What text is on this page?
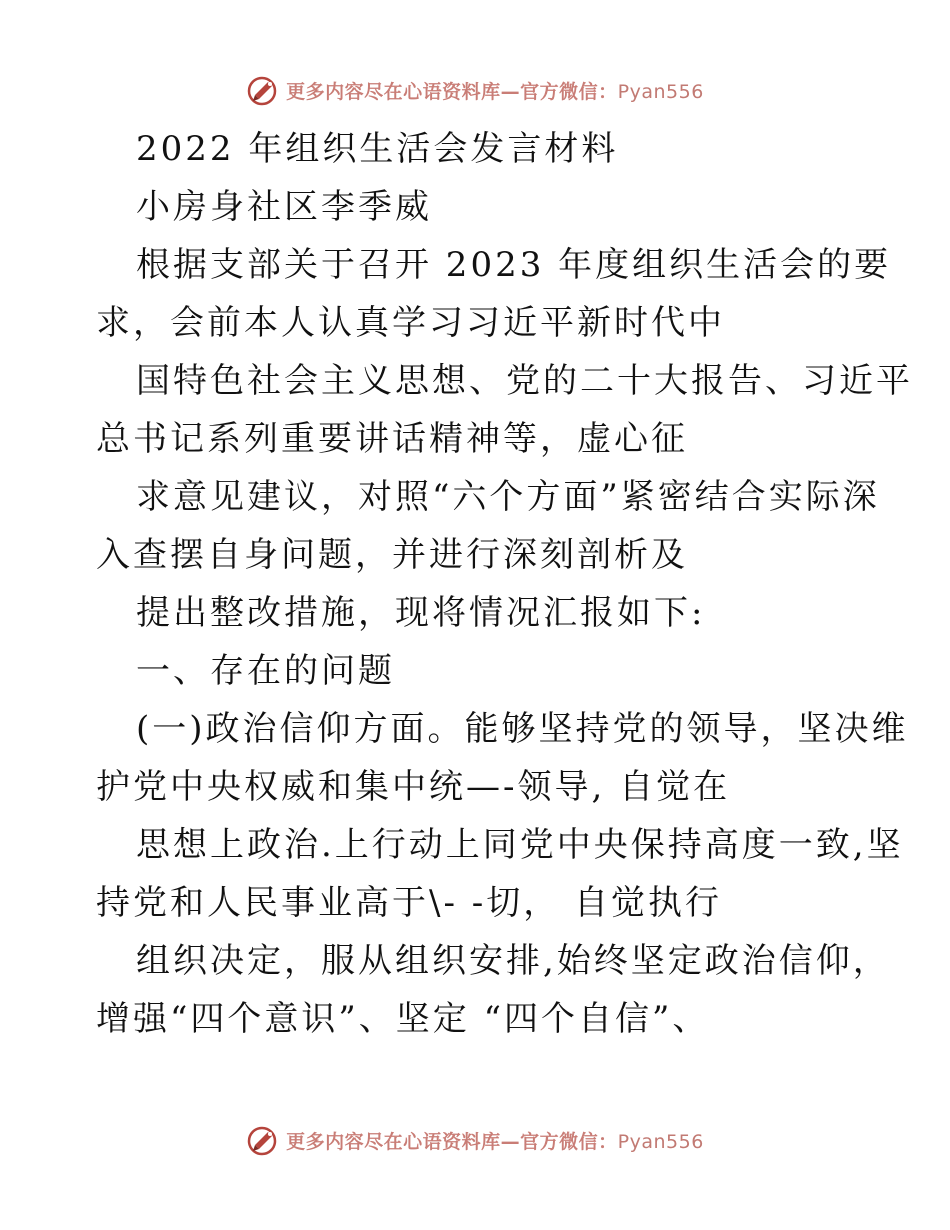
更多内容尽在心语资料库—官方微信：Pyan556
2022 年组织生活会发言材料
小房身社区李季威
根据支部关于召开 2023 年度组织生活会的要
求，会前本人认真学习习近平新时代中
国特色社会主义思想、党的二十大报告、习近平
总书记系列重要讲话精神等，虚心征
求意见建议，对照“六个方面”紧密结合实际深
入查摆自身问题，并进行深刻剖析及
提出整改措施，现将情况汇报如下:
一、存在的问题
(一)政治信仰方面。能够坚持党的领导，坚决维
护党中央权威和集中统—-领导, 自觉在
思想上政治.上行动上同党中央保持高度一致,坚
持党和人民事业高于\- -切， 自觉执行
组织决定，服从组织安排,始终坚定政治信仰，
增强“四个意识”、坚定 “四个自信”、
更多内容尽在心语资料库—官方微信：Pyan556
